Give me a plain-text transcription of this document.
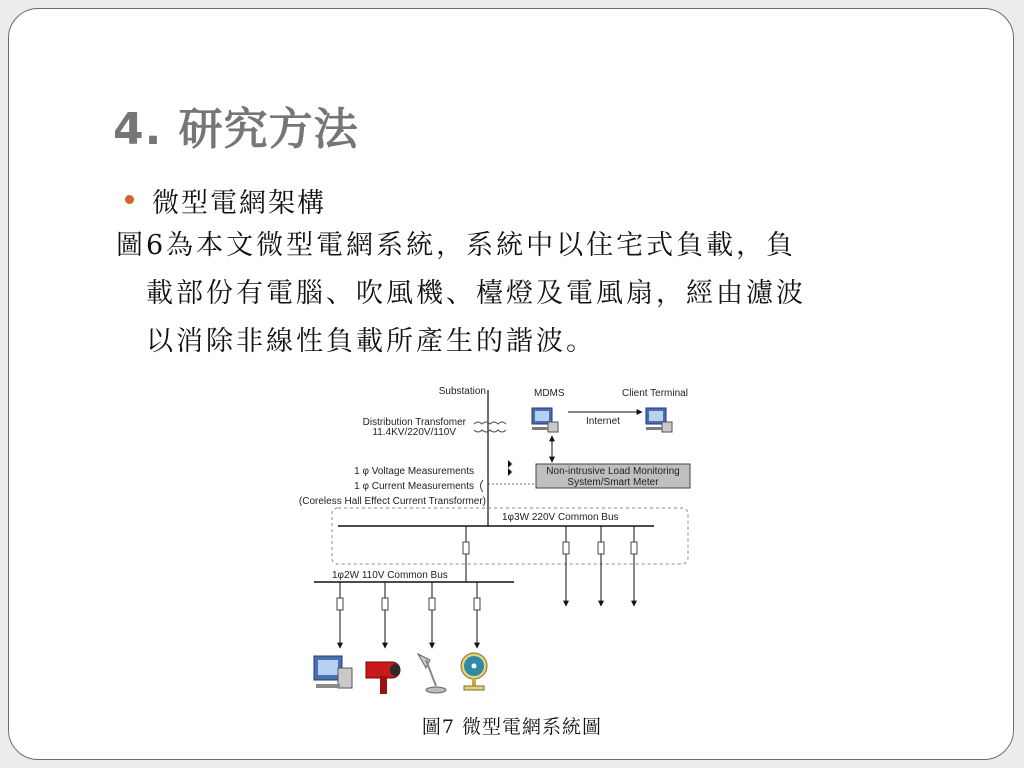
4. 研究方法
微型電網架構
圖6為本文微型電網系統，系統中以住宅式負載，負
載部份有電腦、吹風機、檯燈及電風扇，經由濾波
以消除非線性負載所產生的諧波。
Substation
Distribution Transfomer
11.4KV/220V/110V
1 φ Voltage Measurements
1 φ Current Measurements
(Coreless Hall Effect Current Transformer)
MDMS
Internet
Client Terminal
Non-intrusive Load Monitoring
System/Smart Meter
1φ3W 220V Common Bus
1φ2W 110V Common Bus
圖7 微型電網系統圖
